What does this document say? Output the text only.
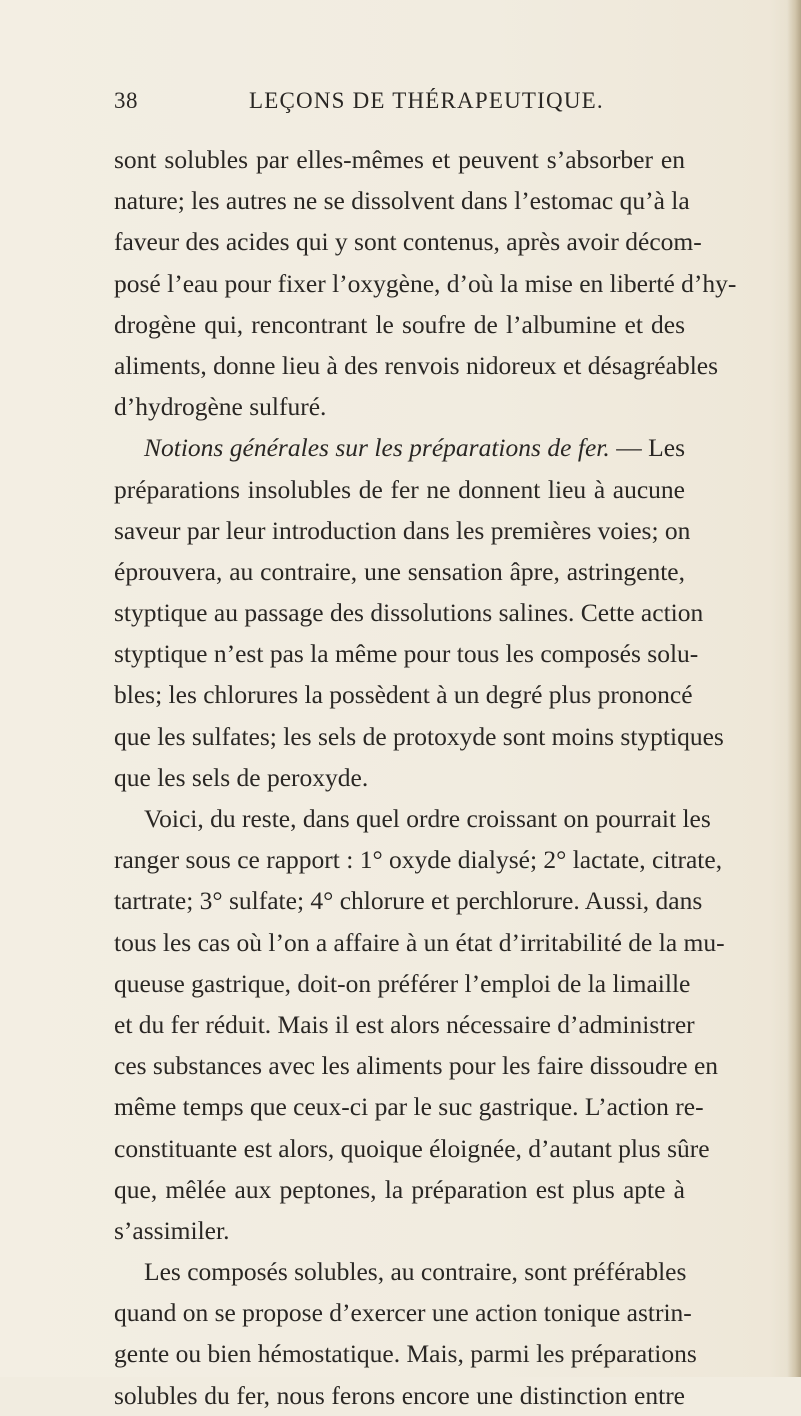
38	LEÇONS DE THÉRAPEUTIQUE.
sont solubles par elles-mêmes et peuvent s’absorber en
nature; les autres ne se dissolvent dans l’estomac qu’à la
faveur des acides qui y sont contenus, après avoir décom-
posé l’eau pour fixer l’oxygène, d’où la mise en liberté d’hy-
drogène qui, rencontrant le soufre de l’albumine et des
aliments, donne lieu à des renvois nidoreux et désagréables
d’hydrogène sulfuré.
Notions générales sur les préparations de fer. — Les
préparations insolubles de fer ne donnent lieu à aucune
saveur par leur introduction dans les premières voies; on
éprouvera, au contraire, une sensation âpre, astringente,
styptique au passage des dissolutions salines. Cette action
styptique n’est pas la même pour tous les composés solu-
bles; les chlorures la possèdent à un degré plus prononcé
que les sulfates; les sels de protoxyde sont moins styptiques
que les sels de peroxyde.
Voici, du reste, dans quel ordre croissant on pourrait les
ranger sous ce rapport : 1° oxyde dialysé; 2° lactate, citrate,
tartrate; 3° sulfate; 4° chlorure et perchlorure. Aussi, dans
tous les cas où l’on a affaire à un état d’irritabilité de la mu-
queuse gastrique, doit-on préférer l’emploi de la limaille
et du fer réduit. Mais il est alors nécessaire d’administrer
ces substances avec les aliments pour les faire dissoudre en
même temps que ceux-ci par le suc gastrique. L’action re-
constituante est alors, quoique éloignée, d’autant plus sûre
que, mêlée aux peptones, la préparation est plus apte à
s’assimiler.
Les composés solubles, au contraire, sont préférables
quand on se propose d’exercer une action tonique astrin-
gente ou bien hémostatique. Mais, parmi les préparations
solubles du fer, nous ferons encore une distinction entre
